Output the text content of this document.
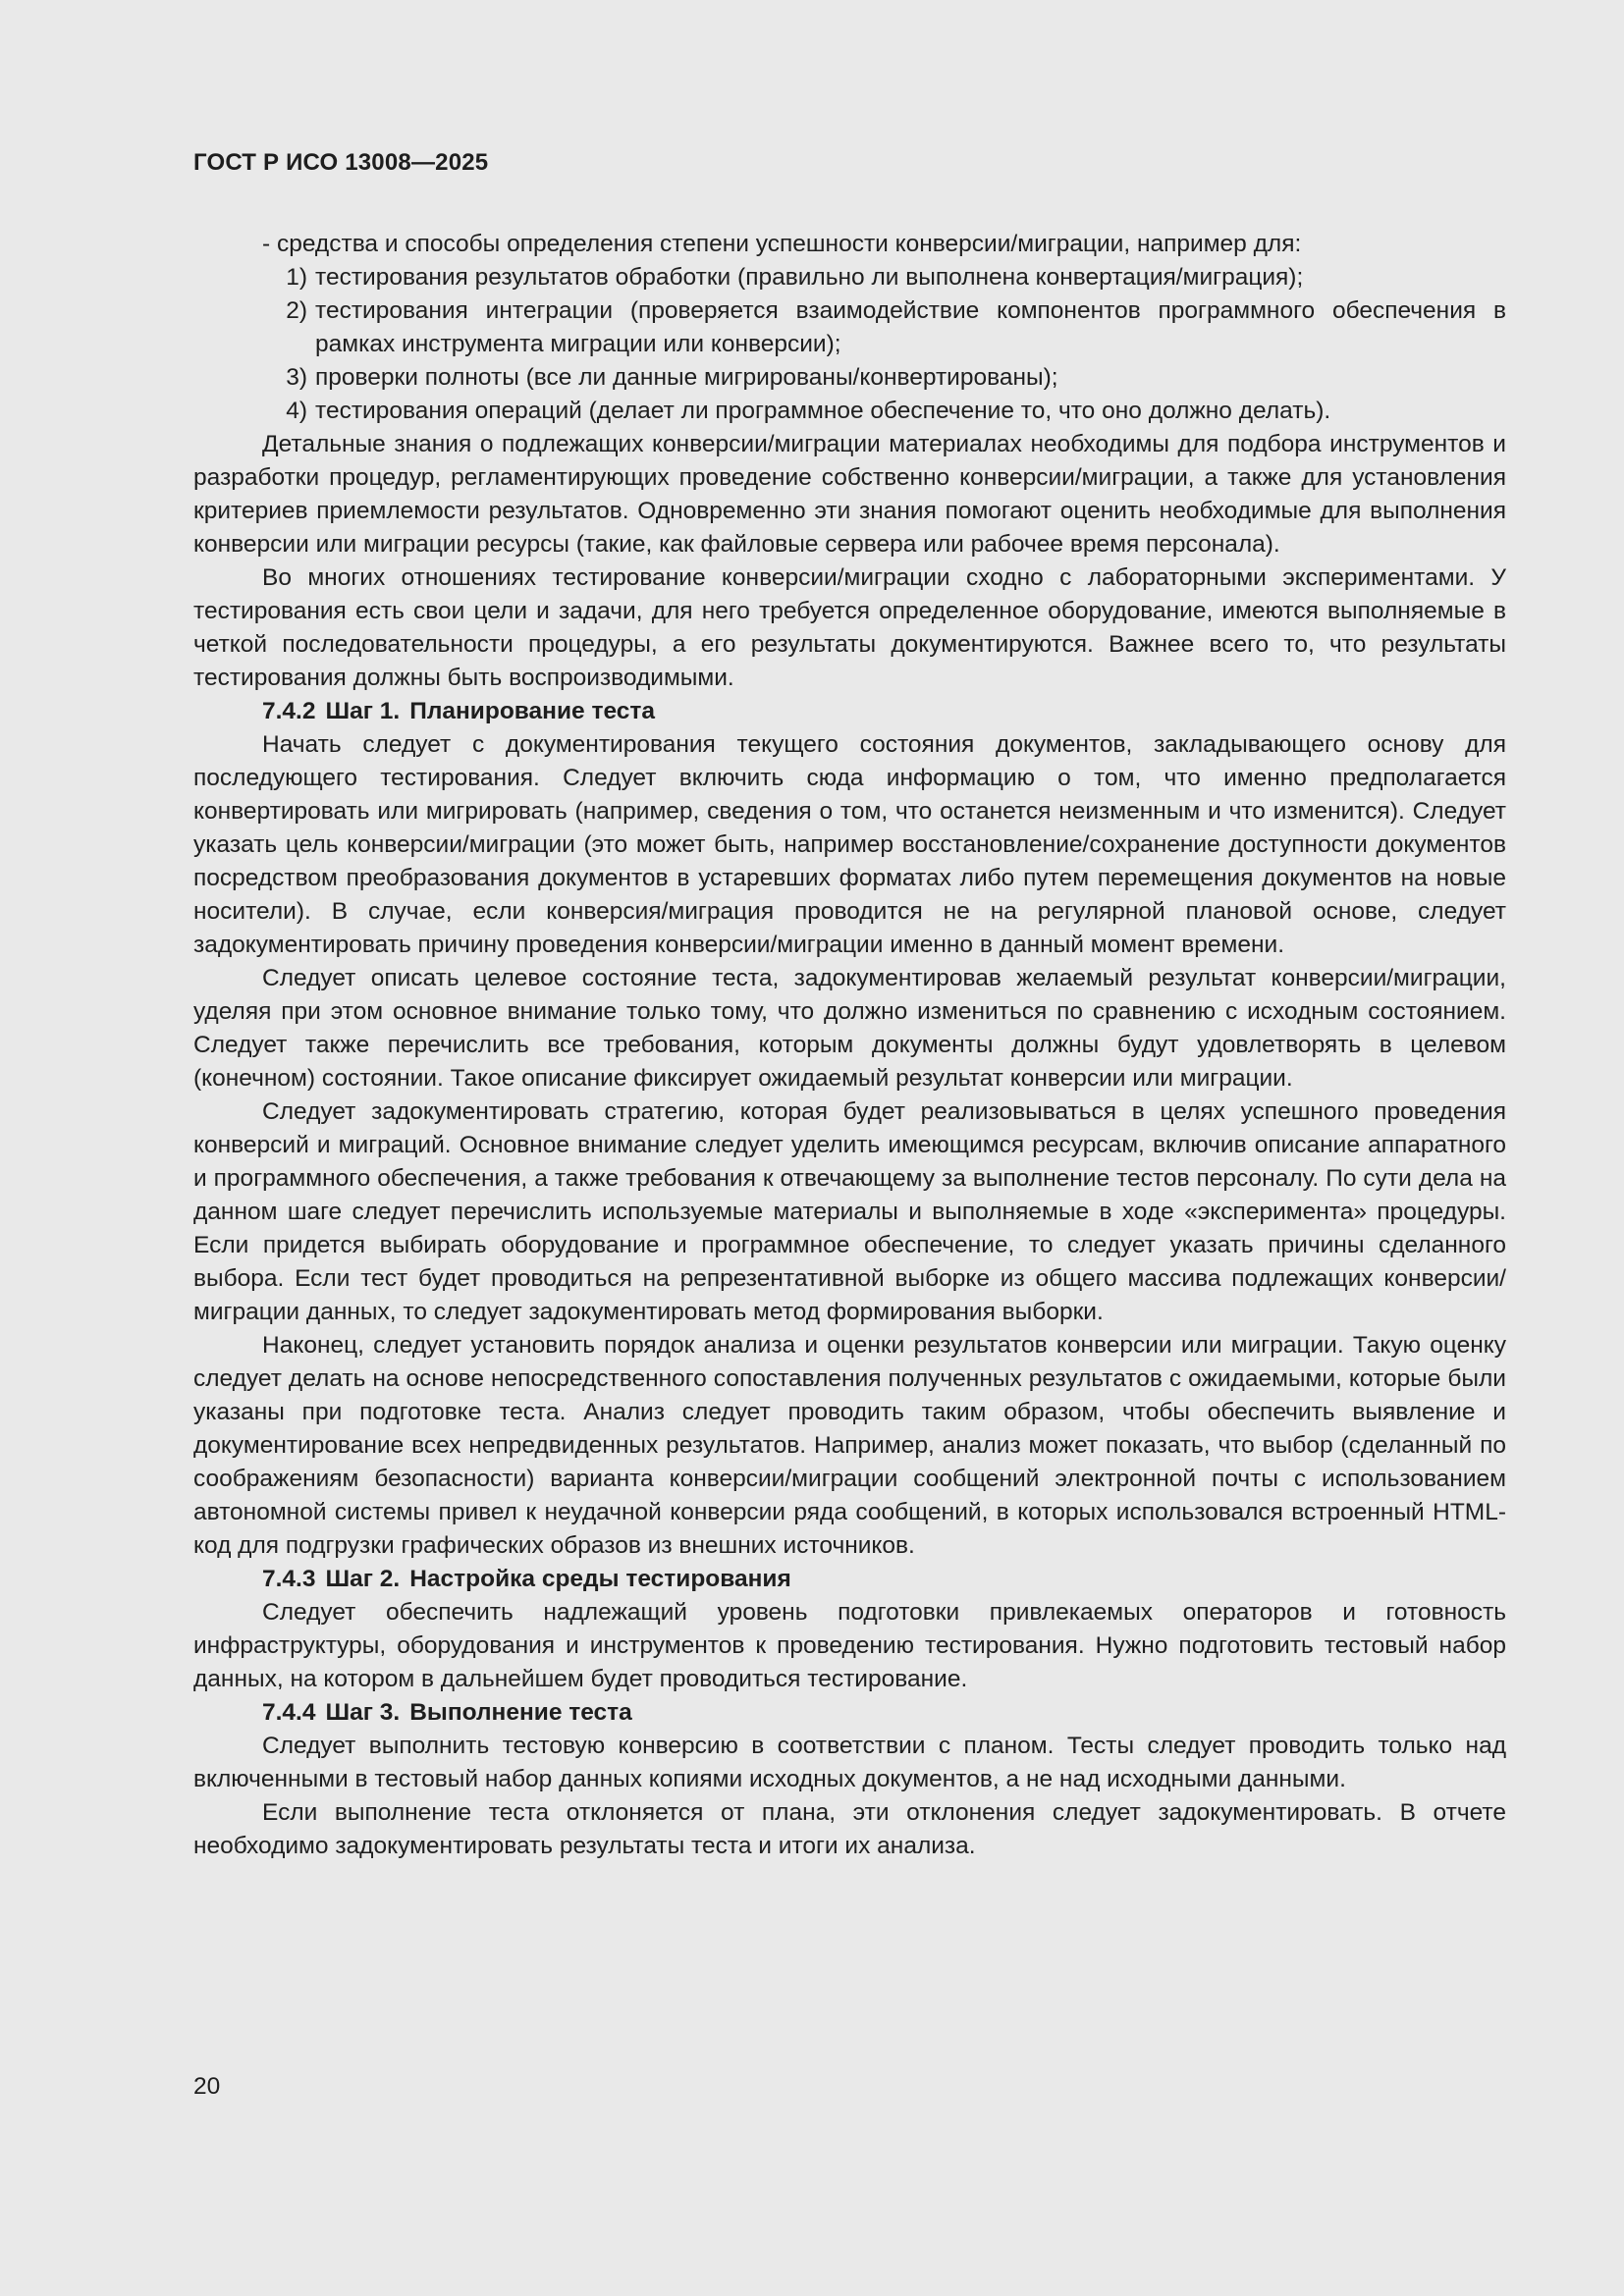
ГОСТ Р ИСО 13008—2025

- средства и способы определения степени успешности конверсии/миграции, например для:

1) тестирования результатов обработки (правильно ли выполнена конвертация/миграция);
2) тестирования интеграции (проверяется взаимодействие компонентов программного обеспечения в рамках инструмента миграции или конверсии);
3) проверки полноты (все ли данные мигрированы/конвертированы);
4) тестирования операций (делает ли программное обеспечение то, что оно должно делать).

Детальные знания о подлежащих конверсии/миграции материалах необходимы для подбора инструментов и разработки процедур, регламентирующих проведение собственно конверсии/миграции, а также для установления критериев приемлемости результатов. Одновременно эти знания помогают оценить необходимые для выполнения конверсии или миграции ресурсы (такие, как файловые сервера или рабочее время персонала).

Во многих отношениях тестирование конверсии/миграции сходно с лабораторными экспериментами. У тестирования есть свои цели и задачи, для него требуется определенное оборудование, имеются выполняемые в четкой последовательности процедуры, а его результаты документируются. Важнее всего то, что результаты тестирования должны быть воспроизводимыми.

7.4.2 Шаг 1. Планирование теста

Начать следует с документирования текущего состояния документов, закладывающего основу для последующего тестирования. Следует включить сюда информацию о том, что именно предполагается конвертировать или мигрировать (например, сведения о том, что останется неизменным и что изменится). Следует указать цель конверсии/миграции (это может быть, например восстановление/сохранение доступности документов посредством преобразования документов в устаревших форматах либо путем перемещения документов на новые носители). В случае, если конверсия/миграция проводится не на регулярной плановой основе, следует задокументировать причину проведения конверсии/миграции именно в данный момент времени.

Следует описать целевое состояние теста, задокументировав желаемый результат конверсии/миграции, уделяя при этом основное внимание только тому, что должно измениться по сравнению с исходным состоянием. Следует также перечислить все требования, которым документы должны будут удовлетворять в целевом (конечном) состоянии. Такое описание фиксирует ожидаемый результат конверсии или миграции.

Следует задокументировать стратегию, которая будет реализовываться в целях успешного проведения конверсий и миграций. Основное внимание следует уделить имеющимся ресурсам, включив описание аппаратного и программного обеспечения, а также требования к отвечающему за выполнение тестов персоналу. По сути дела на данном шаге следует перечислить используемые материалы и выполняемые в ходе «эксперимента» процедуры. Если придется выбирать оборудование и программное обеспечение, то следует указать причины сделанного выбора. Если тест будет проводиться на репрезентативной выборке из общего массива подлежащих конверсии/миграции данных, то следует задокументировать метод формирования выборки.

Наконец, следует установить порядок анализа и оценки результатов конверсии или миграции. Такую оценку следует делать на основе непосредственного сопоставления полученных результатов с ожидаемыми, которые были указаны при подготовке теста. Анализ следует проводить таким образом, чтобы обеспечить выявление и документирование всех непредвиденных результатов. Например, анализ может показать, что выбор (сделанный по соображениям безопасности) варианта конверсии/миграции сообщений электронной почты с использованием автономной системы привел к неудачной конверсии ряда сообщений, в которых использовался встроенный HTML-код для подгрузки графических образов из внешних источников.

7.4.3 Шаг 2. Настройка среды тестирования

Следует обеспечить надлежащий уровень подготовки привлекаемых операторов и готовность инфраструктуры, оборудования и инструментов к проведению тестирования. Нужно подготовить тестовый набор данных, на котором в дальнейшем будет проводиться тестирование.

7.4.4 Шаг 3. Выполнение теста

Следует выполнить тестовую конверсию в соответствии с планом. Тесты следует проводить только над включенными в тестовый набор данных копиями исходных документов, а не над исходными данными.

Если выполнение теста отклоняется от плана, эти отклонения следует задокументировать. В отчете необходимо задокументировать результаты теста и итоги их анализа.

20
